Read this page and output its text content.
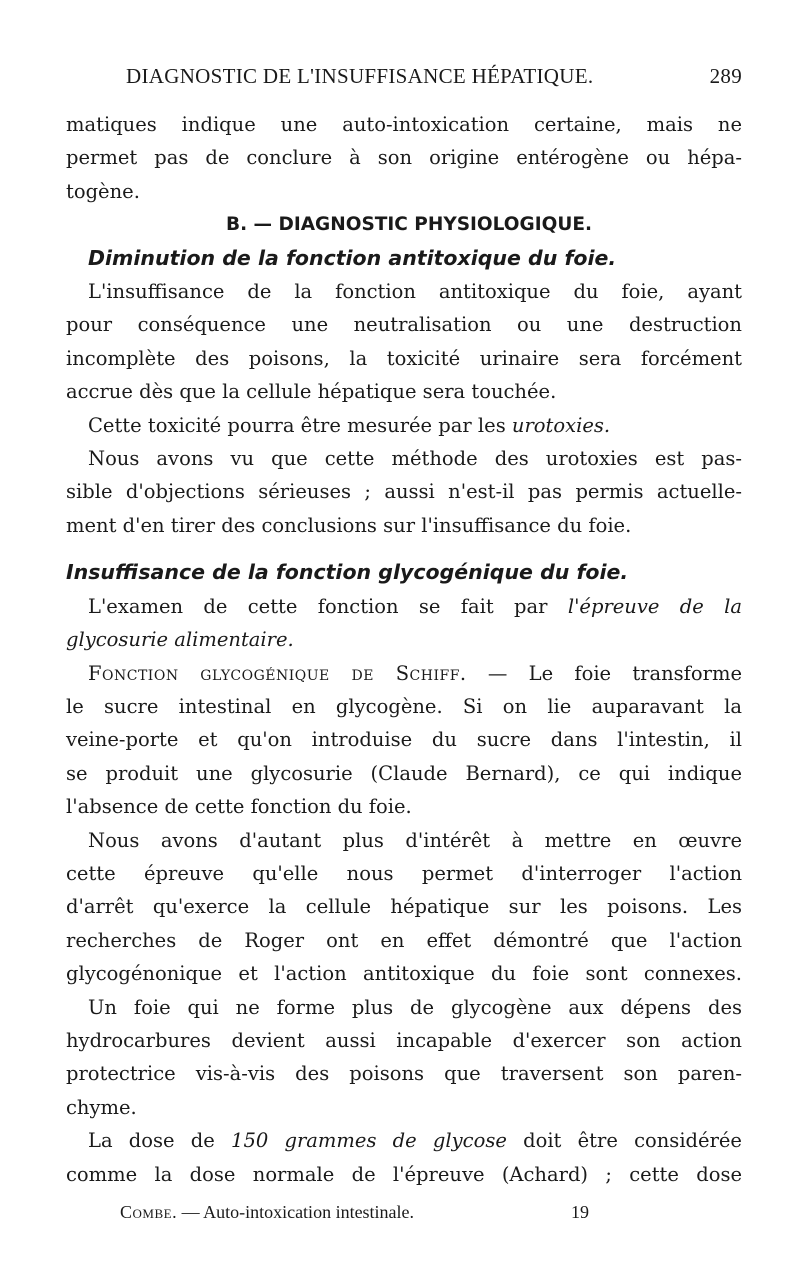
DIAGNOSTIC DE L'INSUFFISANCE HÉPATIQUE.	289
matiques indique une auto-intoxication certaine, mais ne
permet pas de conclure à son origine entérogène ou hépa-
togène.
B. — DIAGNOSTIC PHYSIOLOGIQUE.
Diminution de la fonction antitoxique du foie.
L'insuffisance de la fonction antitoxique du foie, ayant
pour conséquence une neutralisation ou une destruction
incomplète des poisons, la toxicité urinaire sera forcément
accrue dès que la cellule hépatique sera touchée.
Cette toxicité pourra être mesurée par les urotoxies.
Nous avons vu que cette méthode des urotoxies est pas-
sible d'objections sérieuses ; aussi n'est-il pas permis actuelle-
ment d'en tirer des conclusions sur l'insuffisance du foie.
Insuffisance de la fonction glycogénique du foie.
L'examen de cette fonction se fait par l'épreuve de la
glycosurie alimentaire.
Fonction glycogénique de Schiff. — Le foie transforme
le sucre intestinal en glycogène. Si on lie auparavant la
veine-porte et qu'on introduise du sucre dans l'intestin, il
se produit une glycosurie (Claude Bernard), ce qui indique
l'absence de cette fonction du foie.
Nous avons d'autant plus d'intérêt à mettre en œuvre
cette épreuve qu'elle nous permet d'interroger l'action
d'arrêt qu'exerce la cellule hépatique sur les poisons. Les
recherches de Roger ont en effet démontré que l'action
glycogénonique et l'action antitoxique du foie sont connexes.
Un foie qui ne forme plus de glycogène aux dépens des
hydrocarbures devient aussi incapable d'exercer son action
protectrice vis-à-vis des poisons que traversent son paren-
chyme.
La dose de 150 grammes de glycose doit être considérée
comme la dose normale de l'épreuve (Achard) ; cette dose
Combe. — Auto-intoxication intestinale.	19
